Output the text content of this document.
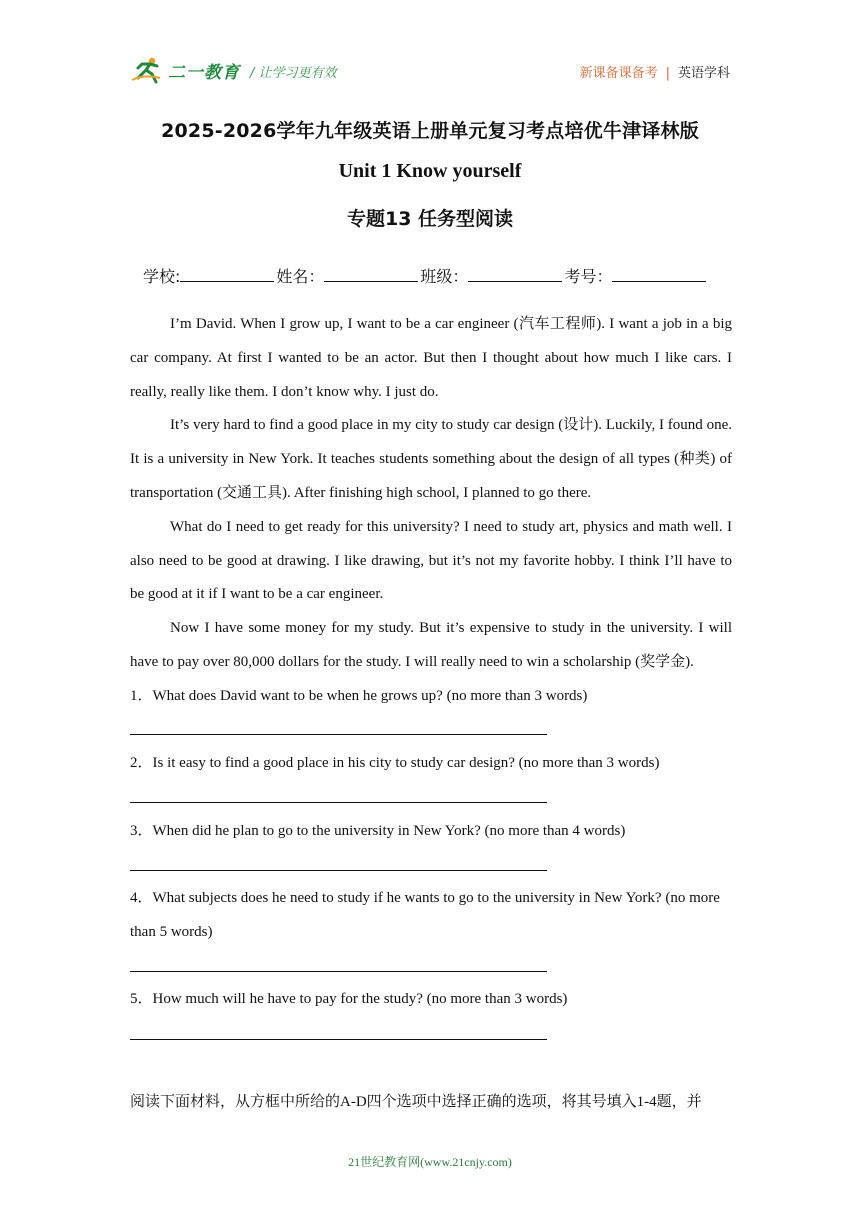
二一教育 / 让学习更有效	新课备课备考 | 英语学科
2025-2026学年九年级英语上册单元复习考点培优牛津译林版
Unit 1 Know yourself
专题13 任务型阅读
学校:	姓名：	班级：	考号：

I’m David. When I grow up, I want to be a car engineer (汽车工程师). I want a job in a big car company. At first I wanted to be an actor. But then I thought about how much I like cars. I really, really like them. I don’t know why. I just do.

It’s very hard to find a good place in my city to study car design (设计). Luckily, I found one. It is a university in New York. It teaches students something about the design of all types (种类) of transportation (交通工具). After finishing high school, I planned to go there.

What do I need to get ready for this university? I need to study art, physics and math well. I also need to be good at drawing. I like drawing, but it’s not my favorite hobby. I think I’ll have to be good at it if I want to be a car engineer.

Now I have some money for my study. But it’s expensive to study in the university. I will have to pay over 80,000 dollars for the study. I will really need to win a scholarship (奖学金).

1．What does David want to be when he grows up? (no more than 3 words)
2．Is it easy to find a good place in his city to study car design? (no more than 3 words)
3．When did he plan to go to the university in New York? (no more than 4 words)
4．What subjects does he need to study if he wants to go to the university in New York? (no more than 5 words)
5．How much will he have to pay for the study? (no more than 3 words)
阅读下面材料，从方框中所给的A-D四个选项中选择正确的选项，将其号填入1-4题，并
21世纪教育网(www.21cnjy.com)
